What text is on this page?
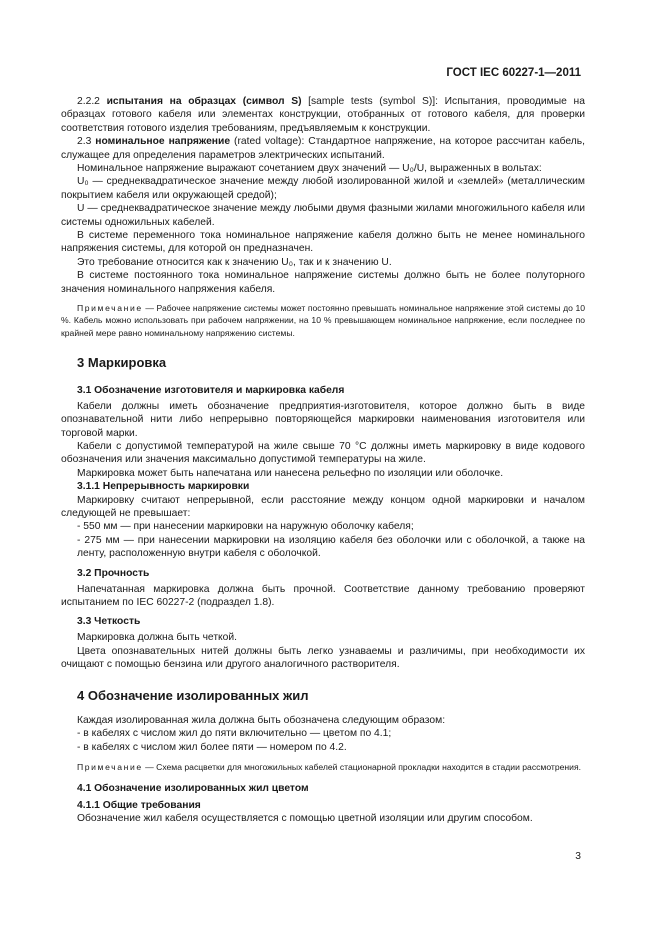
ГОСТ IEC 60227-1—2011

2.2.2 испытания на образцах (символ S) [sample tests (symbol S)]: Испытания, проводимые на образцах готового кабеля или элементах конструкции, отобранных от готового кабеля, для проверки соответствия готового изделия требованиям, предъявляемым к конструкции.

2.3 номинальное напряжение (rated voltage): Стандартное напряжение, на которое рассчитан кабель, служащее для определения параметров электрических испытаний.

Номинальное напряжение выражают сочетанием двух значений — U₀/U, выраженных в вольтах:

U₀ — среднеквадратическое значение между любой изолированной жилой и «землей» (металлическим покрытием кабеля или окружающей средой);

U — среднеквадратическое значение между любыми двумя фазными жилами многожильного кабеля или системы одножильных кабелей.

В системе переменного тока номинальное напряжение кабеля должно быть не менее номинального напряжения системы, для которой он предназначен.

Это требование относится как к значению U₀, так и к значению U.

В системе постоянного тока номинальное напряжение системы должно быть не более полуторного значения номинального напряжения кабеля.

Примечание — Рабочее напряжение системы может постоянно превышать номинальное напряжение этой системы до 10 %. Кабель можно использовать при рабочем напряжении, на 10 % превышающем номинальное напряжение, если последнее по крайней мере равно номинальному напряжению системы.

3 Маркировка

3.1 Обозначение изготовителя и маркировка кабеля

Кабели должны иметь обозначение предприятия-изготовителя, которое должно быть в виде опознавательной нити либо непрерывно повторяющейся маркировки наименования изготовителя или торговой марки.

Кабели с допустимой температурой на жиле свыше 70 °С должны иметь маркировку в виде кодового обозначения или значения максимально допустимой температуры на жиле.

Маркировка может быть напечатана или нанесена рельефно по изоляции или оболочке.

3.1.1 Непрерывность маркировки

Маркировку считают непрерывной, если расстояние между концом одной маркировки и началом следующей не превышает:

- 550 мм — при нанесении маркировки на наружную оболочку кабеля;

- 275 мм — при нанесении маркировки на изоляцию кабеля без оболочки или с оболочкой, а также на ленту, расположенную внутри кабеля с оболочкой.

3.2 Прочность

Напечатанная маркировка должна быть прочной. Соответствие данному требованию проверяют испытанием по IEC 60227-2 (подраздел 1.8).

3.3 Четкость

Маркировка должна быть четкой.

Цвета опознавательных нитей должны быть легко узнаваемы и различимы, при необходимости их очищают с помощью бензина или другого аналогичного растворителя.

4 Обозначение изолированных жил

Каждая изолированная жила должна быть обозначена следующим образом:

- в кабелях с числом жил до пяти включительно — цветом по 4.1;

- в кабелях с числом жил более пяти — номером по 4.2.

Примечание — Схема расцветки для многожильных кабелей стационарной прокладки находится в стадии рассмотрения.

4.1 Обозначение изолированных жил цветом

4.1.1 Общие требования

Обозначение жил кабеля осуществляется с помощью цветной изоляции или другим способом.

3
